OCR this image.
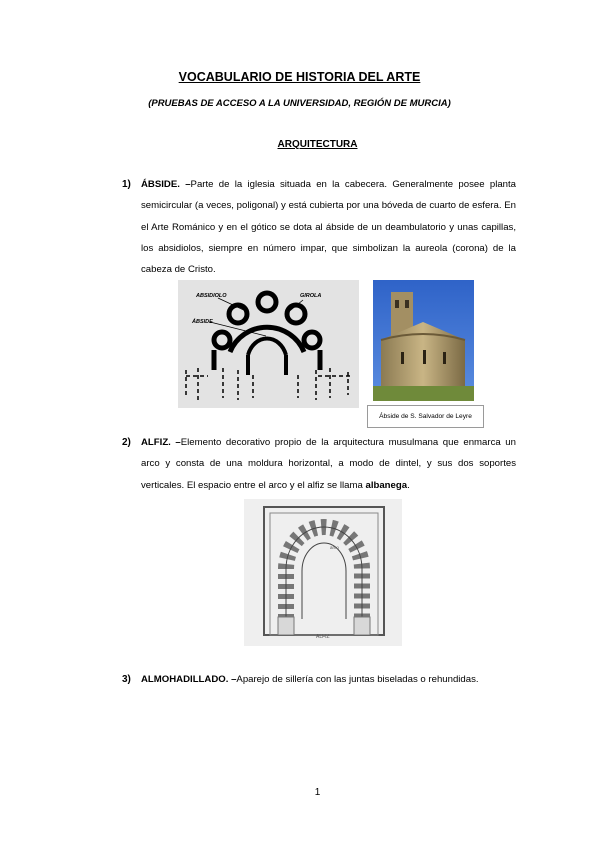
VOCABULARIO DE HISTORIA DEL ARTE
(PRUEBAS DE ACCESO A LA UNIVERSIDAD, REGIÓN DE MURCIA)
ARQUITECTURA
1) ÁBSIDE. –Parte de la iglesia situada en la cabecera. Generalmente posee planta semicircular (a veces, poligonal) y está cubierta por una bóveda de cuarto de esfera. En el Arte Románico y en el gótico se dota al ábside de un deambulatorio y unas capillas, los absidiolos, siempre en número impar, que simbolizan la aureola (corona) de la cabeza de Cristo.
ABSIDIOLO	GIROLA
ÁBSIDE
Ábside de S. Salvador de Leyre
2) ALFIZ. –Elemento decorativo propio de la arquitectura musulmana que enmarca un arco y consta de una moldura horizontal, a modo de dintel, y sus dos soportes verticales. El espacio entre el arco y el alfiz se llama albanega.
arco
ALFIZ
3) ALMOHADILLADO. –Aparejo de sillería con las juntas biseladas o rehundidas.
1
